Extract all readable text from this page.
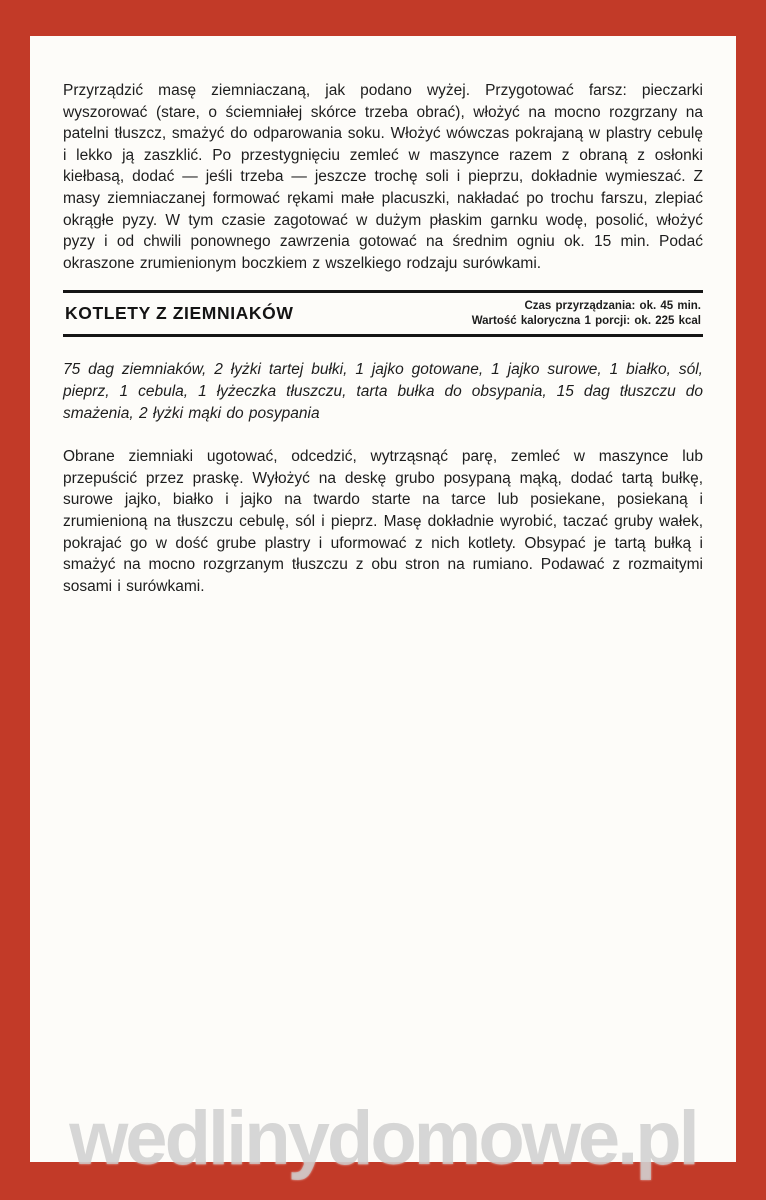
Przyrządzić masę ziemniaczaną, jak podano wyżej. Przygotować farsz: pieczarki wyszorować (stare, o ściemniałej skórce trzeba obrać), włożyć na mocno rozgrzany na patelni tłuszcz, smażyć do odparowania soku. Włożyć wówczas pokrajaną w plastry cebulę i lekko ją zaszklić. Po przestygnięciu zemleć w maszynce razem z obraną z osłonki kiełbasą, dodać — jeśli trzeba — jeszcze trochę soli i pieprzu, dokładnie wymieszać. Z masy ziemniaczanej formować rękami małe placuszki, nakładać po trochu farszu, zlepiać okrągłe pyzy. W tym czasie zagotować w dużym płaskim garnku wodę, posolić, włożyć pyzy i od chwili ponownego zawrzenia gotować na średnim ogniu ok. 15 min. Podać okraszone zrumienionym boczkiem z wszelkiego rodzaju surówkami.

KOTLETY Z ZIEMNIAKÓW	Czas przyrządzania: ok. 45 min.
Wartość kaloryczna 1 porcji: ok. 225 kcal

75 dag ziemniaków, 2 łyżki tartej bułki, 1 jajko gotowane, 1 jajko surowe, 1 białko, sól, pieprz, 1 cebula, 1 łyżeczka tłuszczu, tarta bułka do obsypania, 15 dag tłuszczu do smażenia, 2 łyżki mąki do posypania

Obrane ziemniaki ugotować, odcedzić, wytrząsnąć parę, zemleć w maszynce lub przepuścić przez praskę. Wyłożyć na deskę grubo posypaną mąką, dodać tartą bułkę, surowe jajko, białko i jajko na twardo starte na tarce lub posiekane, posiekaną i zrumienioną na tłuszczu cebulę, sól i pieprz. Masę dokładnie wyrobić, taczać gruby wałek, pokrajać go w dość grube plastry i uformować z nich kotlety. Obsypać je tartą bułką i smażyć na mocno rozgrzanym tłuszczu z obu stron na rumiano. Podawać z rozmaitymi sosami i surówkami.

wedlinydomowe.pl
